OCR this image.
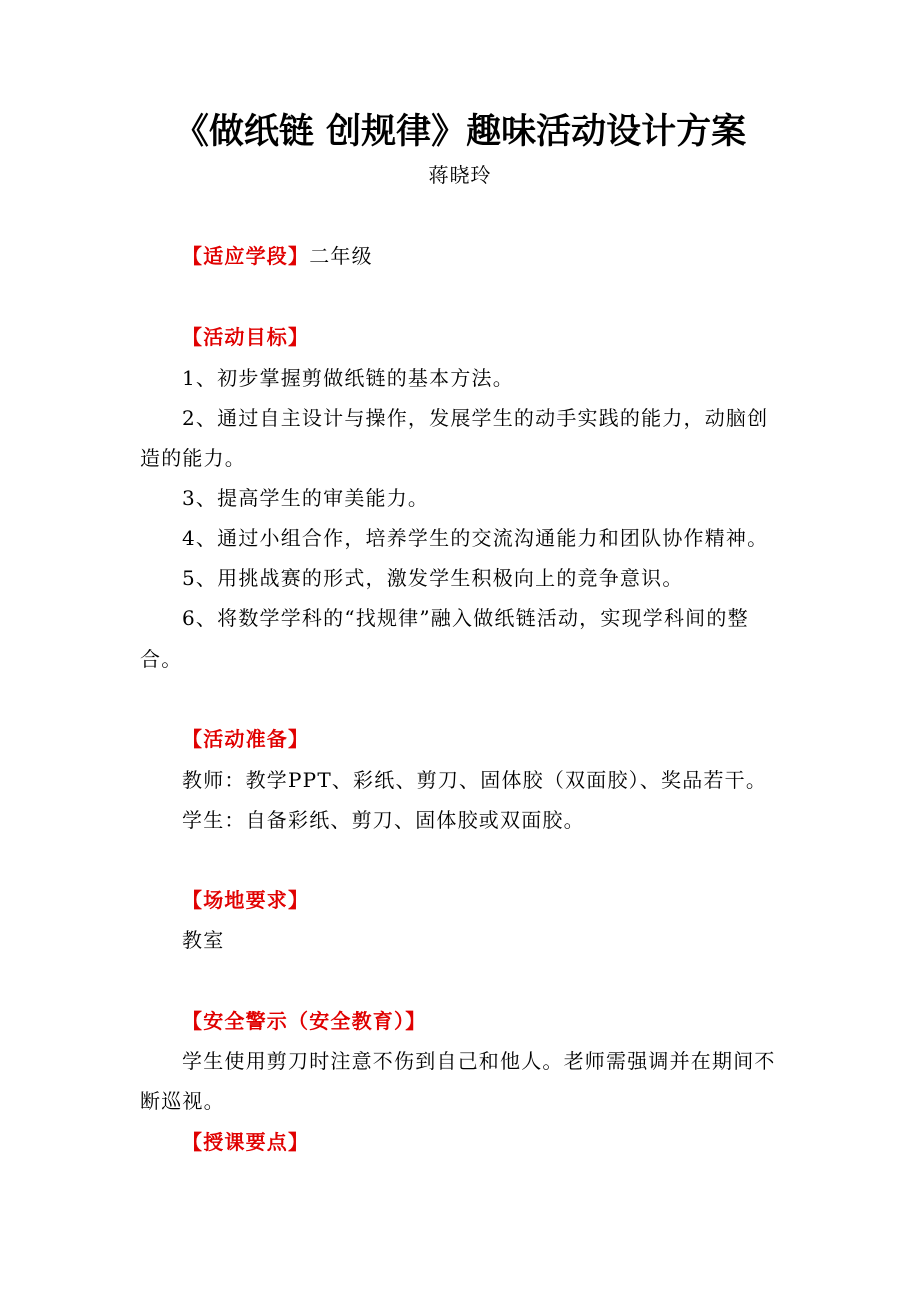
《做纸链 创规律》趣味活动设计方案
蒋晓玲
【适应学段】二年级
【活动目标】
1、初步掌握剪做纸链的基本方法。
2、通过自主设计与操作，发展学生的动手实践的能力，动脑创
造的能力。
3、提高学生的审美能力。
4、通过小组合作，培养学生的交流沟通能力和团队协作精神。
5、用挑战赛的形式，激发学生积极向上的竞争意识。
6、将数学学科的“找规律”融入做纸链活动，实现学科间的整
合。
【活动准备】
教师：教学PPT、彩纸、剪刀、固体胶（双面胶）、奖品若干。
学生：自备彩纸、剪刀、固体胶或双面胶。
【场地要求】
教室
【安全警示（安全教育）】
学生使用剪刀时注意不伤到自己和他人。老师需强调并在期间不
断巡视。
【授课要点】
